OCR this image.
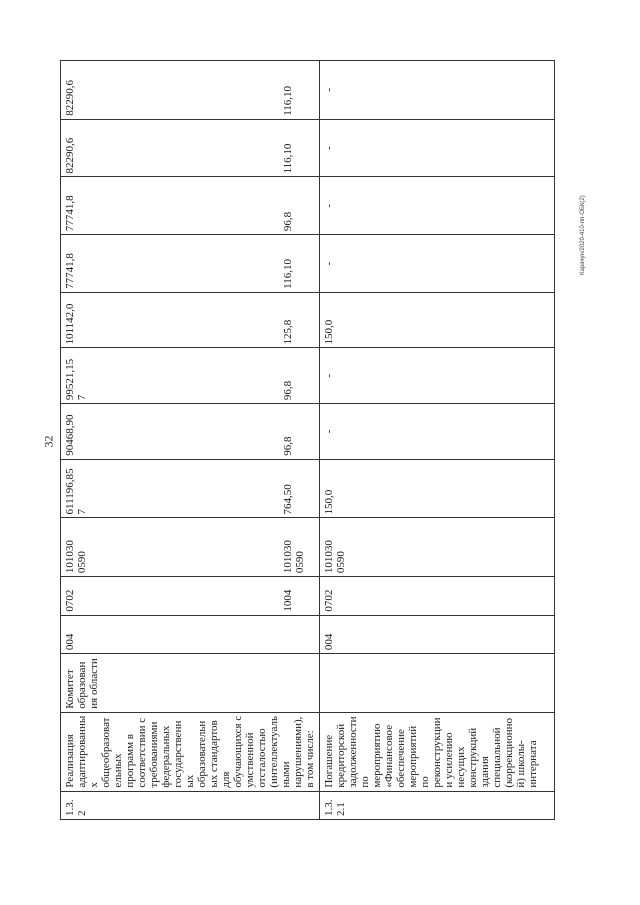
32
Карачун/2020-410-пп-ОБК(2)
1.3.2	Реализация адаптированных общеобразовательных программ в соответствии с требованиями федеральных государственных образовательных стандартов для обучающихся с умственной отсталостью (интеллектуальными нарушениями), в том числе:	Комитет образования области	004	0702	101030 0590	611196,85 7	90468,90	99521,15 7	101142,0	77741,8	77741,8	82290,6	82290,6
				1004	101030 0590	764,50	96,8	96,8	125,8	116,10	96,8	116,10	116,10
1.3.2.1	Погашение кредиторской задолженности по мероприятию «Финансовое обеспечение мероприятий по реконструкции и усилению несущих конструкций здания специальной (коррекционной) школы-интерната		004	0702	101030 0590	150,0	-	-	150,0	-	-	-	-
